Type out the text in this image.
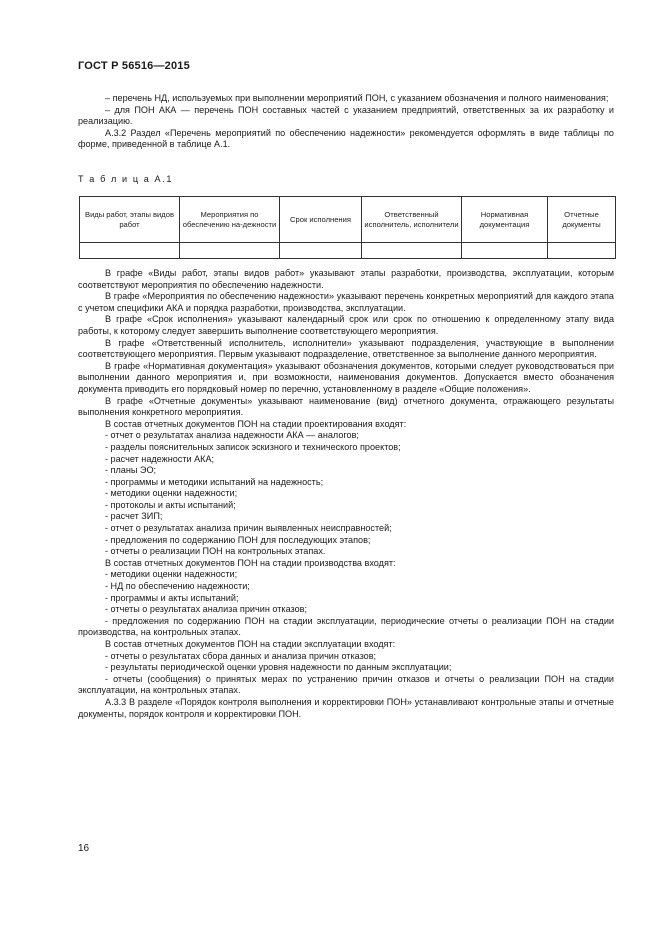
ГОСТ Р 56516—2015

– перечень НД, используемых при выполнении мероприятий ПОН, с указанием обозначения и полного наименования;

– для ПОН АКА — перечень ПОН составных частей с указанием предприятий, ответственных за их разработку и реализацию.

А.3.2 Раздел «Перечень мероприятий по обеспечению надежности» рекомендуется оформлять в виде таблицы по форме, приведенной в таблице А.1.

Т а б л и ц а А.1
Виды работ, этапы видов работ	Мероприятия по обеспечению на-дежности	Срок исполнения	Ответственный исполнитель, исполнители	Нормативная документация	Отчетные документы

В графе «Виды работ, этапы видов работ» указывают этапы разработки, производства, эксплуатации, которым соответствуют мероприятия по обеспечению надежности.

В графе «Мероприятия по обеспечению надежности» указывают перечень конкретных мероприятий для каждого этапа с учетом специфики АКА и порядка разработки, производства, эксплуатации.

В графе «Срок исполнения» указывают календарный срок или срок по отношению к определенному этапу вида работы, к которому следует завершить выполнение соответствующего мероприятия.

В графе «Ответственный исполнитель, исполнители» указывают подразделения, участвующие в выполнении соответствующего мероприятия. Первым указывают подразделение, ответственное за выполнение данного мероприятия.

В графе «Нормативная документация» указывают обозначения документов, которыми следует руководствоваться при выполнении данного мероприятия и, при возможности, наименования документов. Допускается вместо обозначения документа приводить его порядковый номер по перечню, установленному в разделе «Общие положения».

В графе «Отчетные документы» указывают наименование (вид) отчетного документа, отражающего результаты выполнения конкретного мероприятия.

В состав отчетных документов ПОН на стадии проектирования входят:

- отчет о результатах анализа надежности АКА — аналогов;

- разделы пояснительных записок эскизного и технического проектов;

- расчет надежности АКА;

- планы ЭО;

- программы и методики испытаний на надежность;

- методики оценки надежности;

- протоколы и акты испытаний;

- расчет ЗИП;

- отчет о результатах анализа причин выявленных неисправностей;

- предложения по содержанию ПОН для последующих этапов;

- отчеты о реализации ПОН на контрольных этапах.

В состав отчетных документов ПОН на стадии производства входят:

- методики оценки надежности;

- НД по обеспечению надежности;

- программы и акты испытаний;

- отчеты о результатах анализа причин отказов;

- предложения по содержанию ПОН на стадии эксплуатации, периодические отчеты о реализации ПОН на стадии производства, на контрольных этапах.

В состав отчетных документов ПОН на стадии эксплуатации входят:

- отчеты о результатах сбора данных и анализа причин отказов;

- результаты периодической оценки уровня надежности по данным эксплуатации;

- отчеты (сообщения) о принятых мерах по устранению причин отказов и отчеты о реализации ПОН на стадии эксплуатации, на контрольных этапах.

А.3.3 В разделе «Порядок контроля выполнения и корректировки ПОН» устанавливают контрольные этапы и отчетные документы, порядок контроля и корректировки ПОН.

16
